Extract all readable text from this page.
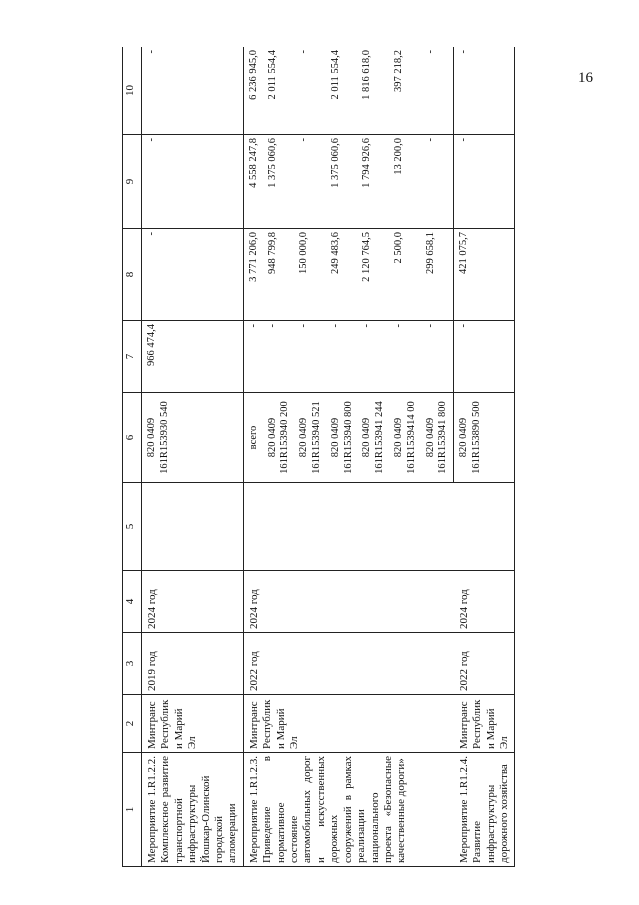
16
1	2	3	4	5	6	7	8	9	10
Мероприятие 1.R1.2.2. Комплексное развитие транспортной инфраструктуры Йошкар-Олинской городской агломерации	Минтранс Республики Марий Эл	2019 год	2024 год		820 0409 161R153930 540	966 474,4	-	-	-
Мероприятие 1.R1.2.3. Приведение в нормативное состояние автомобильных дорог и искусственных дорожных сооружений в рамках реализации национального проекта «Безопасные качественные дороги»	Минтранс Республики Марий Эл	2022 год	2024 год		всего	-	3 771 206,0	4 558 247,8	6 236 945,0
					820 0409 161R153940 200	-	948 799,8	1 375 060,6	2 011 554,4
					820 0409 161R153940 521	-	150 000,0	-	-
					820 0409 161R153940 800	-	249 483,6	1 375 060,6	2 011 554,4
					820 0409 161R153941 244	-	2 120 764,5	1 794 926,6	1 816 618,0
					820 0409 161R1539414 00	-	2 500,0	13 200,0	397 218,2
					820 0409 161R153941 800	-	299 658,1	-	-
Мероприятие 1.R1.2.4. Развитие инфраструктуры дорожного хозяйства	Минтранс Республики Марий Эл	2022 год	2024 год		820 0409 161R153890 500	-	421 075,7	-	-
